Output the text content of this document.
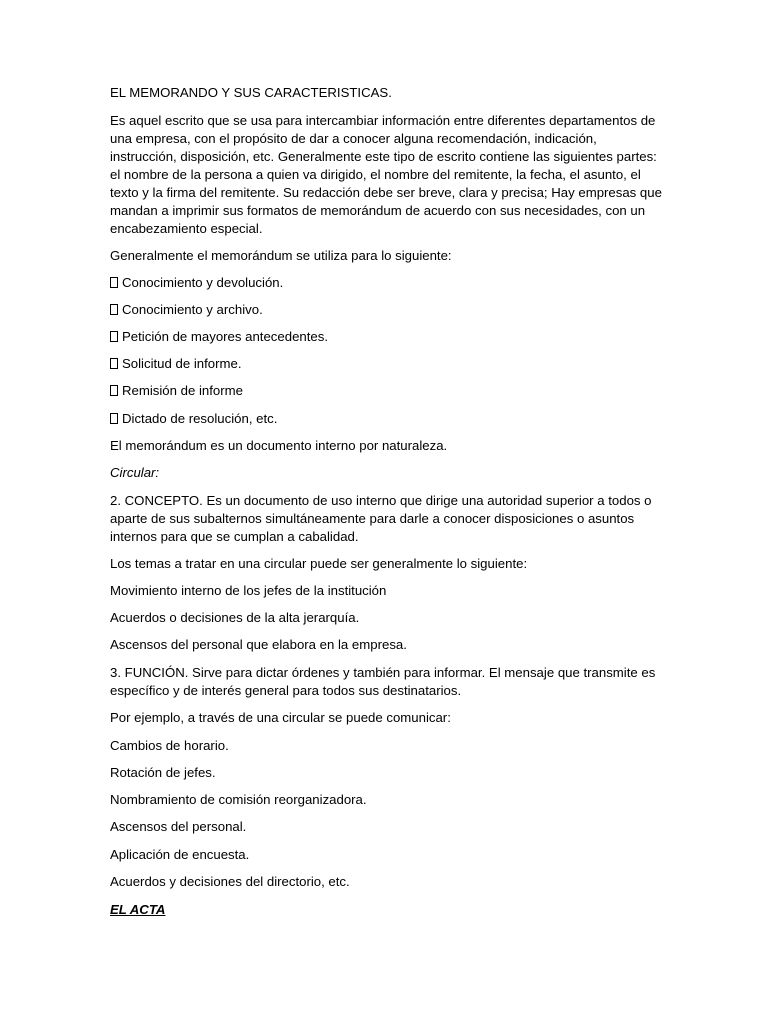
EL MEMORANDO Y SUS CARACTERISTICAS.
Es aquel escrito que se usa para intercambiar información entre diferentes departamentos de
una empresa, con el propósito de dar a conocer alguna recomendación, indicación,
instrucción, disposición, etc. Generalmente este tipo de escrito contiene las siguientes partes:
el nombre de la persona a quien va dirigido, el nombre del remitente, la fecha, el asunto, el
texto y la firma del remitente. Su redacción debe ser breve, clara y precisa; Hay empresas que
mandan a imprimir sus formatos de memorándum de acuerdo con sus necesidades, con un
encabezamiento especial.
Generalmente el memorándum se utiliza para lo siguiente:
Conocimiento y devolución.
Conocimiento y archivo.
Petición de mayores antecedentes.
Solicitud de informe.
Remisión de informe
Dictado de resolución, etc.
El memorándum es un documento interno por naturaleza.
Circular:
2. CONCEPTO. Es un documento de uso interno que dirige una autoridad superior a todos o
aparte de sus subalternos simultáneamente para darle a conocer disposiciones o asuntos
internos para que se cumplan a cabalidad.
Los temas a tratar en una circular puede ser generalmente lo siguiente:
Movimiento interno de los jefes de la institución
Acuerdos o decisiones de la alta jerarquía.
Ascensos del personal que elabora en la empresa.
3. FUNCIÓN. Sirve para dictar órdenes y también para informar. El mensaje que transmite es
específico y de interés general para todos sus destinatarios.
Por ejemplo, a través de una circular se puede comunicar:
Cambios de horario.
Rotación de jefes.
Nombramiento de comisión reorganizadora.
Ascensos del personal.
Aplicación de encuesta.
Acuerdos y decisiones del directorio, etc.
EL ACTA
